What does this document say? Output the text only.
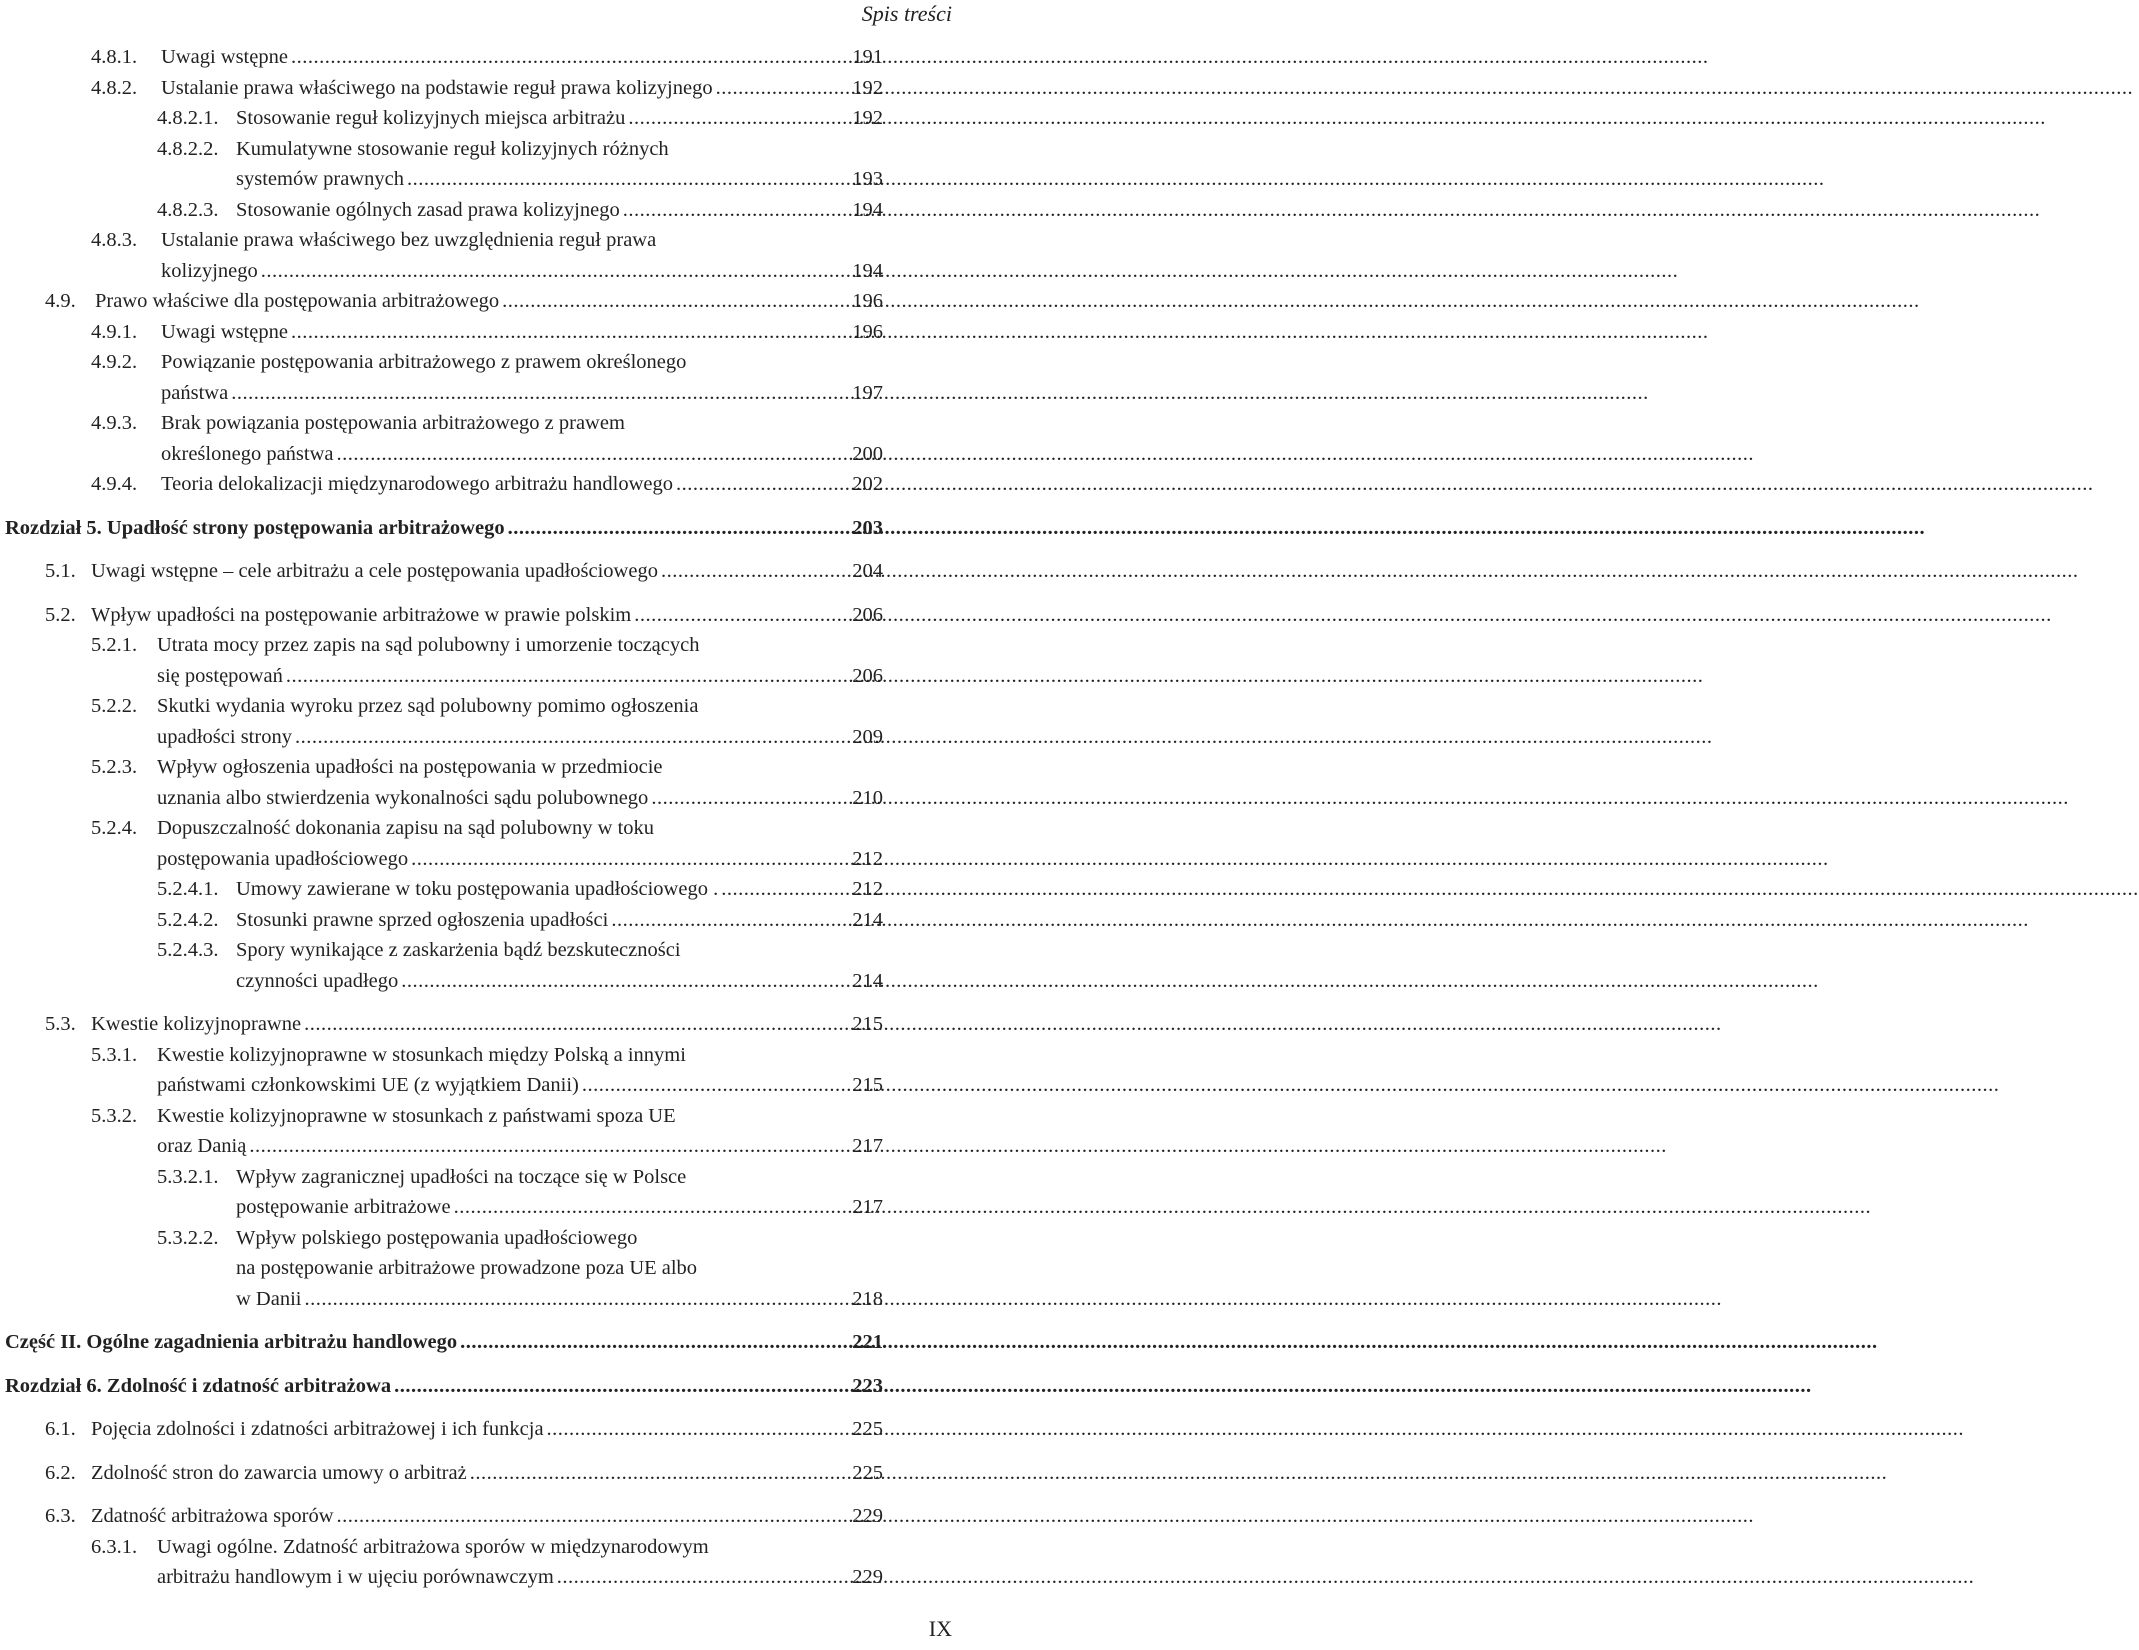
Spis treści
4.8.1.	Uwagi wstępne .....	191
4.8.2.	Ustalanie prawa właściwego na podstawie reguł prawa kolizyjnego .....	192
4.8.2.1. Stosowanie reguł kolizyjnych miejsca arbitrażu .....	192
4.8.2.2. Kumulatywne stosowanie reguł kolizyjnych różnych
systemów prawnych .....	193
4.8.2.3. Stosowanie ogólnych zasad prawa kolizyjnego .....	194
4.8.3.	Ustalanie prawa właściwego bez uwzględnienia reguł prawa
kolizyjnego .....	194
4.9. Prawo właściwe dla postępowania arbitrażowego .....	196
4.9.1.	Uwagi wstępne .....	196
4.9.2.	Powiązanie postępowania arbitrażowego z prawem określonego
państwa .....	197
4.9.3.	Brak powiązania postępowania arbitrażowego z prawem
określonego państwa .....	200
4.9.4.	Teoria delokalizacji międzynarodowego arbitrażu handlowego .....	202
Rozdział 5. Upadłość strony postępowania arbitrażowego .....	203
5.1. Uwagi wstępne – cele arbitrażu a cele postępowania upadłościowego .....	204
5.2. Wpływ upadłości na postępowanie arbitrażowe w prawie polskim .....	206
5.2.1. Utrata mocy przez zapis na sąd polubowny i umorzenie toczących
się postępowań .....	206
5.2.2. Skutki wydania wyroku przez sąd polubowny pomimo ogłoszenia
upadłości strony .....	209
5.2.3. Wpływ ogłoszenia upadłości na postępowania w przedmiocie
uznania albo stwierdzenia wykonalności sądu polubownego .....	210
5.2.4. Dopuszczalność dokonania zapisu na sąd polubowny w toku
postępowania upadłościowego .....	212
5.2.4.1. Umowy zawierane w toku postępowania upadłościowego . .....	212
5.2.4.2. Stosunki prawne sprzed ogłoszenia upadłości .....	214
5.2.4.3. Spory wynikające z zaskarżenia bądź bezskuteczności
czynności upadłego .....	214
5.3. Kwestie kolizyjnoprawne .....	215
5.3.1. Kwestie kolizyjnoprawne w stosunkach między Polską a innymi
państwami członkowskimi UE (z wyjątkiem Danii) .....	215
5.3.2. Kwestie kolizyjnoprawne w stosunkach z państwami spoza UE
oraz Danią .....	217
5.3.2.1. Wpływ zagranicznej upadłości na toczące się w Polsce
postępowanie arbitrażowe .....	217
5.3.2.2. Wpływ polskiego postępowania upadłościowego
na postępowanie arbitrażowe prowadzone poza UE albo
w Danii .....	218
Część II. Ogólne zagadnienia arbitrażu handlowego .....	221
Rozdział 6. Zdolność i zdatność arbitrażowa .....	223
6.1. Pojęcia zdolności i zdatności arbitrażowej i ich funkcja .....	225
6.2. Zdolność stron do zawarcia umowy o arbitraż .....	225
6.3. Zdatność arbitrażowa sporów .....	229
6.3.1. Uwagi ogólne. Zdatność arbitrażowa sporów w międzynarodowym
arbitrażu handlowym i w ujęciu porównawczym .....	229
IX
